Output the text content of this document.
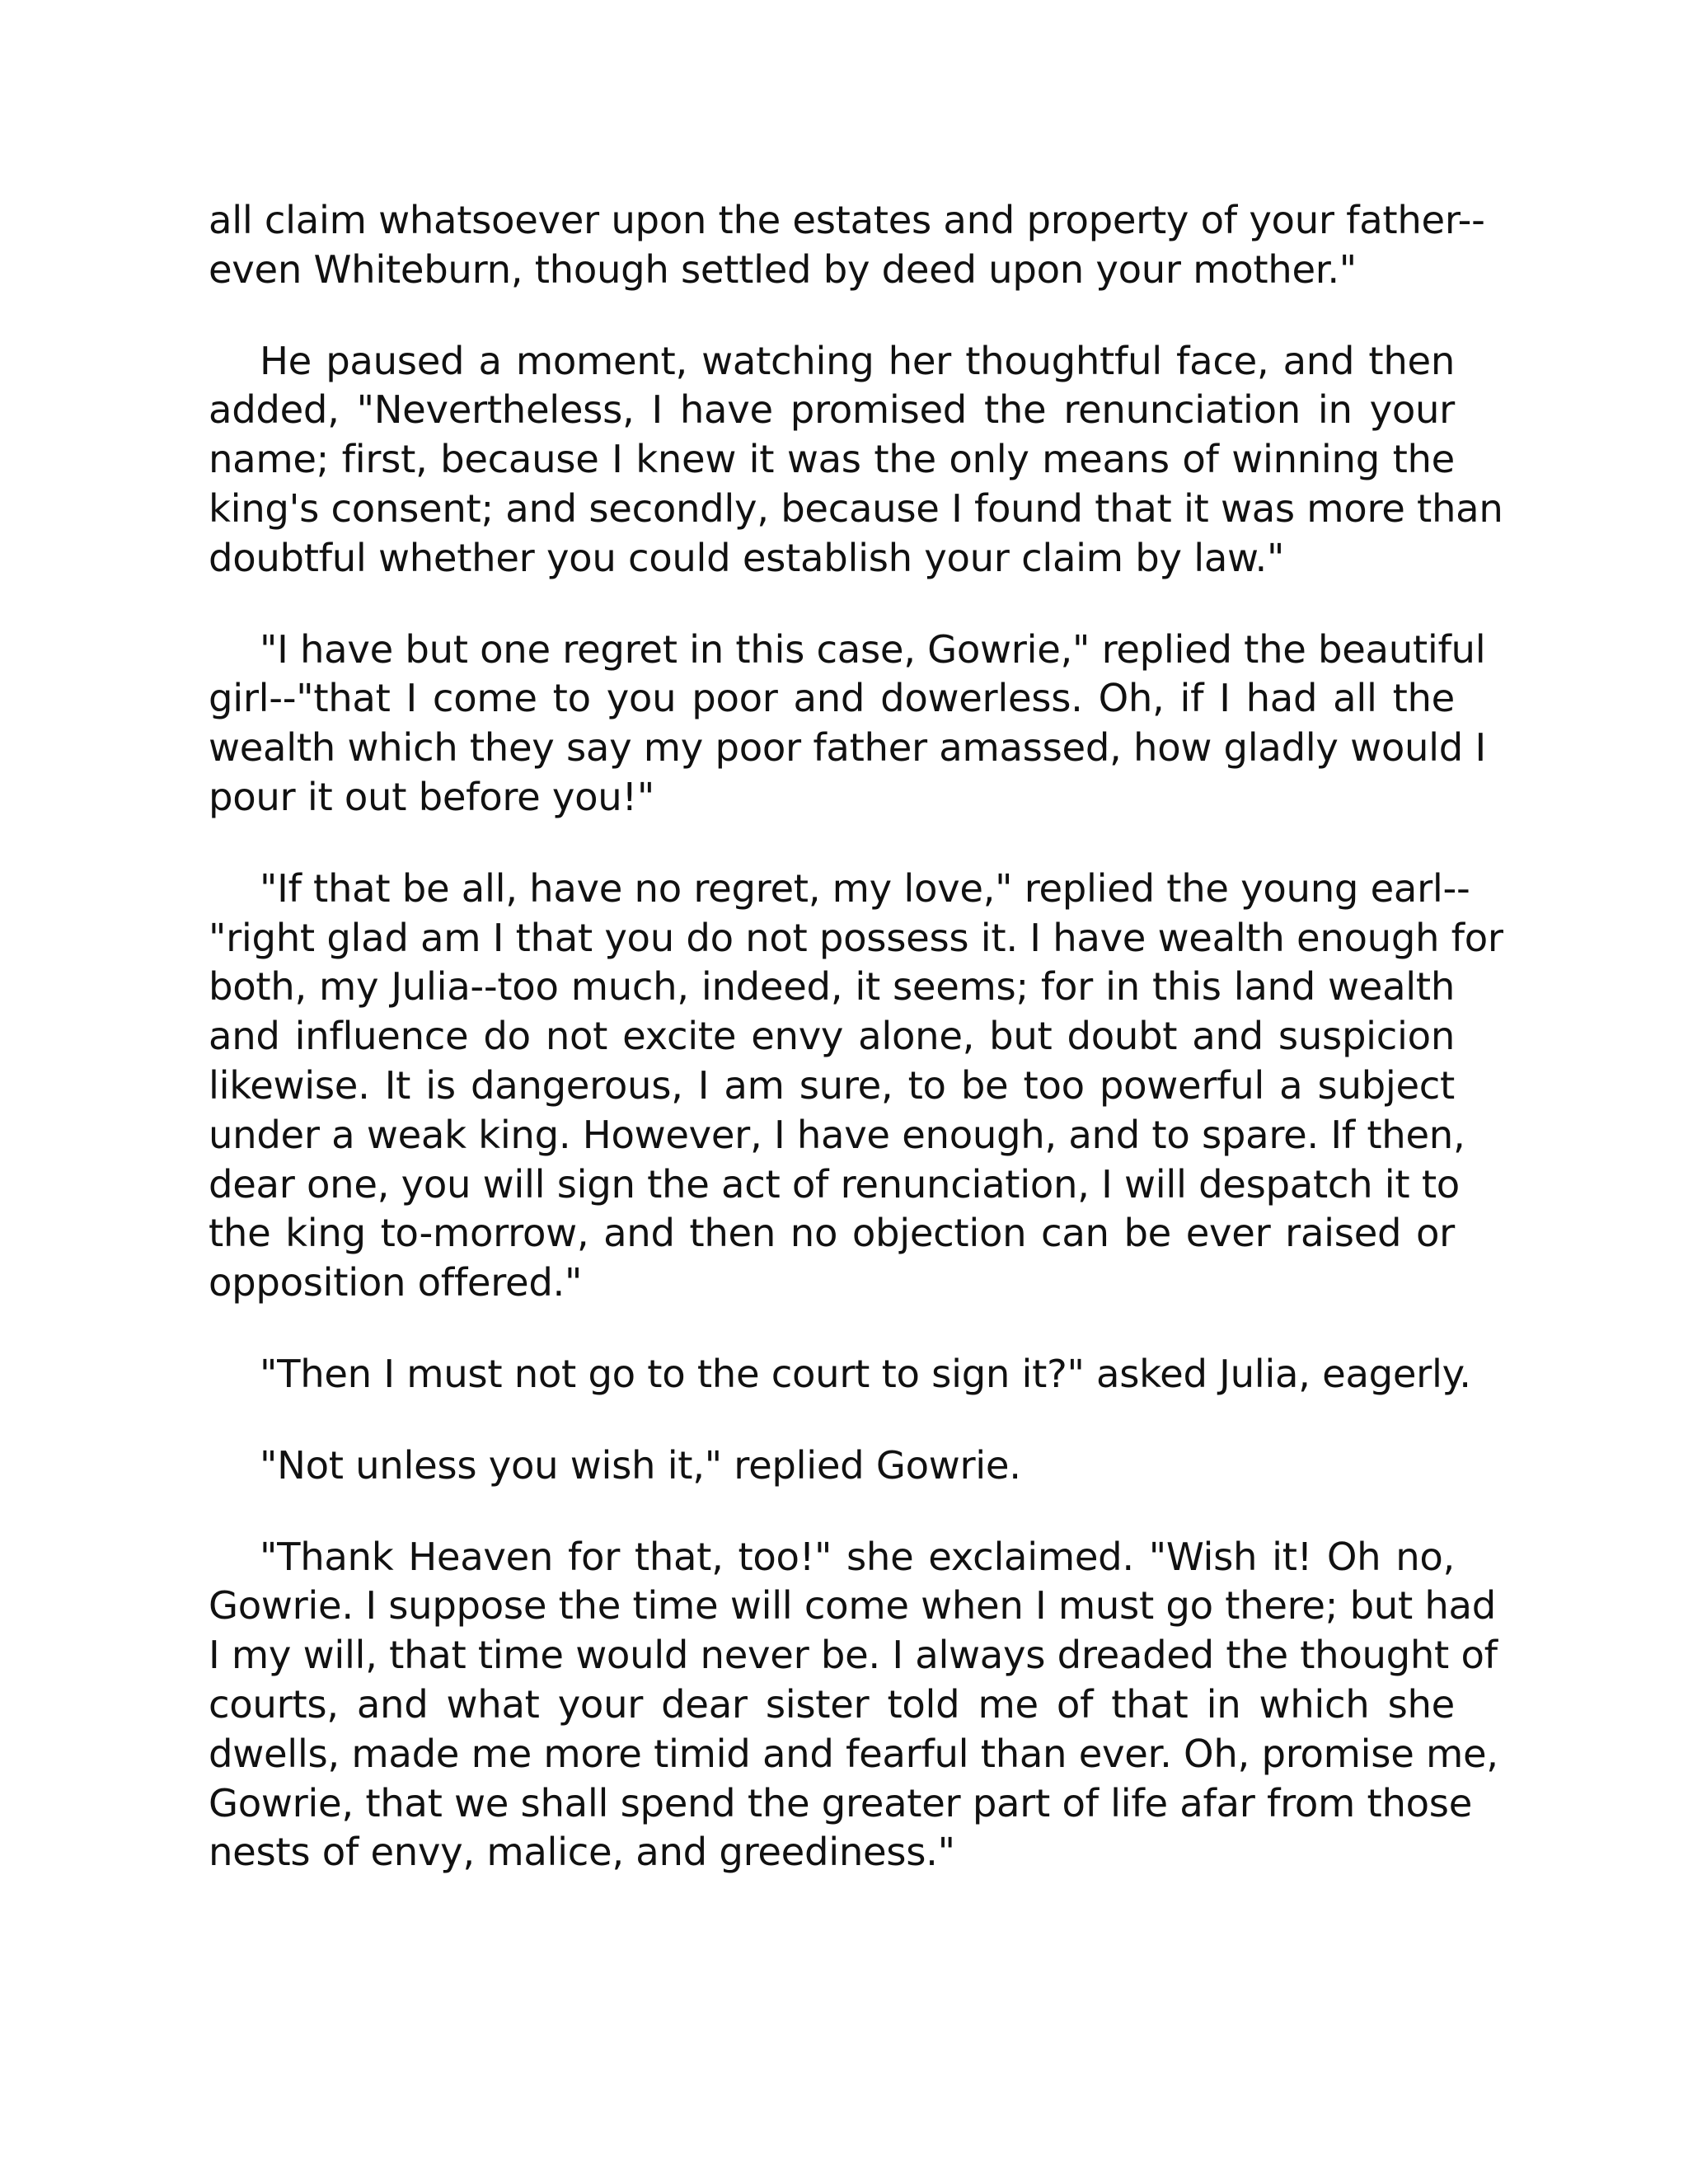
all claim whatsoever upon the estates and property of your father--
even Whiteburn, though settled by deed upon your mother."

He paused a moment, watching her thoughtful face, and then
added, "Nevertheless, I have promised the renunciation in your
name; first, because I knew it was the only means of winning the
king's consent; and secondly, because I found that it was more than
doubtful whether you could establish your claim by law."

"I have but one regret in this case, Gowrie," replied the beautiful
girl--"that I come to you poor and dowerless. Oh, if I had all the
wealth which they say my poor father amassed, how gladly would I
pour it out before you!"

"If that be all, have no regret, my love," replied the young earl--
"right glad am I that you do not possess it. I have wealth enough for
both, my Julia--too much, indeed, it seems; for in this land wealth
and influence do not excite envy alone, but doubt and suspicion
likewise. It is dangerous, I am sure, to be too powerful a subject
under a weak king. However, I have enough, and to spare. If then,
dear one, you will sign the act of renunciation, I will despatch it to
the king to-morrow, and then no objection can be ever raised or
opposition offered."

"Then I must not go to the court to sign it?" asked Julia, eagerly.

"Not unless you wish it," replied Gowrie.

"Thank Heaven for that, too!" she exclaimed. "Wish it! Oh no,
Gowrie. I suppose the time will come when I must go there; but had
I my will, that time would never be. I always dreaded the thought of
courts, and what your dear sister told me of that in which she
dwells, made me more timid and fearful than ever. Oh, promise me,
Gowrie, that we shall spend the greater part of life afar from those
nests of envy, malice, and greediness."
